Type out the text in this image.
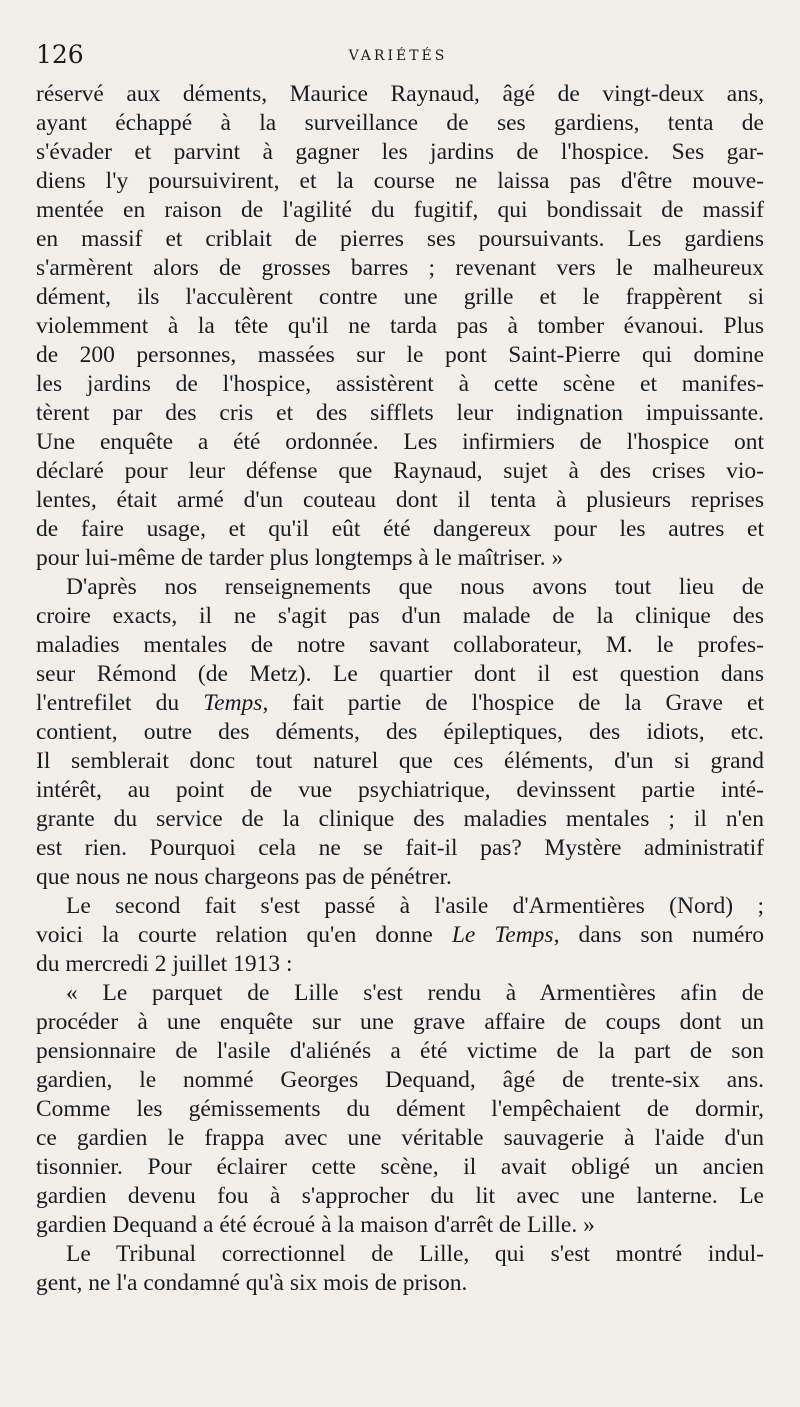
126	VARIÉTÉS
réservé aux déments, Maurice Raynaud, âgé de vingt-deux ans,
ayant échappé à la surveillance de ses gardiens, tenta de
s'évader et parvint à gagner les jardins de l'hospice. Ses gar-
diens l'y poursuivirent, et la course ne laissa pas d'être mouve-
mentée en raison de l'agilité du fugitif, qui bondissait de massif
en massif et criblait de pierres ses poursuivants. Les gardiens
s'armèrent alors de grosses barres ; revenant vers le malheureux
dément, ils l'acculèrent contre une grille et le frappèrent si
violemment à la tête qu'il ne tarda pas à tomber évanoui. Plus
de 200 personnes, massées sur le pont Saint-Pierre qui domine
les jardins de l'hospice, assistèrent à cette scène et manifes-
tèrent par des cris et des sifflets leur indignation impuissante.
Une enquête a été ordonnée. Les infirmiers de l'hospice ont
déclaré pour leur défense que Raynaud, sujet à des crises vio-
lentes, était armé d'un couteau dont il tenta à plusieurs reprises
de faire usage, et qu'il eût été dangereux pour les autres et
pour lui-même de tarder plus longtemps à le maîtriser. »
D'après nos renseignements que nous avons tout lieu de
croire exacts, il ne s'agit pas d'un malade de la clinique des
maladies mentales de notre savant collaborateur, M. le profes-
seur Rémond (de Metz). Le quartier dont il est question dans
l'entrefilet du Temps, fait partie de l'hospice de la Grave et
contient, outre des déments, des épileptiques, des idiots, etc.
Il semblerait donc tout naturel que ces éléments, d'un si grand
intérêt, au point de vue psychiatrique, devinssent partie inté-
grante du service de la clinique des maladies mentales ; il n'en
est rien. Pourquoi cela ne se fait-il pas? Mystère administratif
que nous ne nous chargeons pas de pénétrer.
Le second fait s'est passé à l'asile d'Armentières (Nord) ;
voici la courte relation qu'en donne Le Temps, dans son numéro
du mercredi 2 juillet 1913 :
« Le parquet de Lille s'est rendu à Armentières afin de
procéder à une enquête sur une grave affaire de coups dont un
pensionnaire de l'asile d'aliénés a été victime de la part de son
gardien, le nommé Georges Dequand, âgé de trente-six ans.
Comme les gémissements du dément l'empêchaient de dormir,
ce gardien le frappa avec une véritable sauvagerie à l'aide d'un
tisonnier. Pour éclairer cette scène, il avait obligé un ancien
gardien devenu fou à s'approcher du lit avec une lanterne. Le
gardien Dequand a été écroué à la maison d'arrêt de Lille. »
Le Tribunal correctionnel de Lille, qui s'est montré indul-
gent, ne l'a condamné qu'à six mois de prison.
